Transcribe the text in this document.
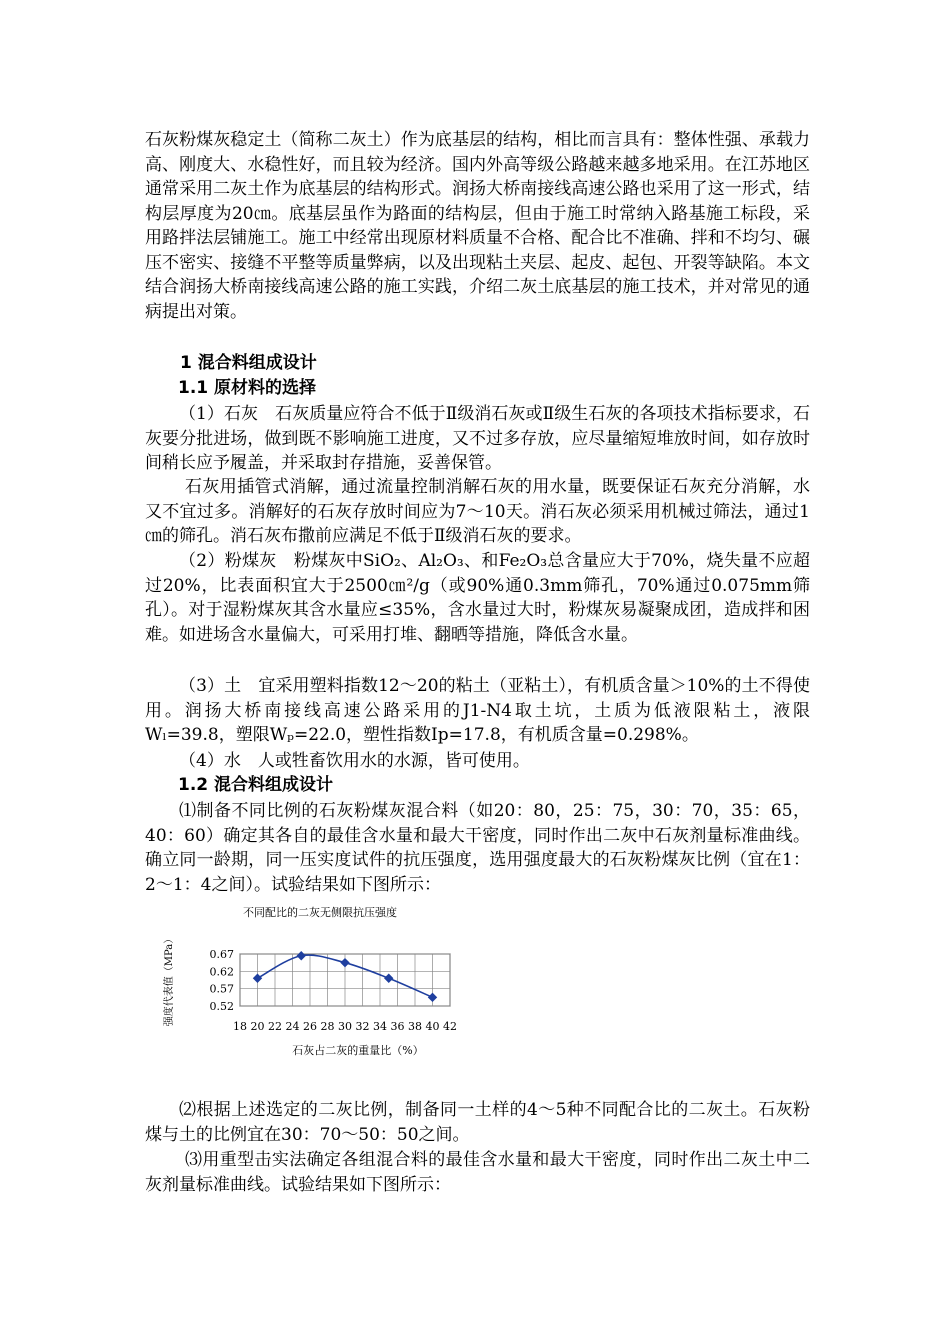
石灰粉煤灰稳定土（简称二灰土）作为底基层的结构，相比而言具有：整体性强、承载力高、刚度大、水稳性好，而且较为经济。国内外高等级公路越来越多地采用。在江苏地区通常采用二灰土作为底基层的结构形式。润扬大桥南接线高速公路也采用了这一形式，结构层厚度为20㎝。底基层虽作为路面的结构层，但由于施工时常纳入路基施工标段，采用路拌法层铺施工。施工中经常出现原材料质量不合格、配合比不准确、拌和不均匀、碾压不密实、接缝不平整等质量弊病，以及出现粘土夹层、起皮、起包、开裂等缺陷。本文结合润扬大桥南接线高速公路的施工实践，介绍二灰土底基层的施工技术，并对常见的通病提出对策。

1 混合料组成设计

1.1 原材料的选择

（1）石灰　石灰质量应符合不低于Ⅱ级消石灰或Ⅱ级生石灰的各项技术指标要求，石灰要分批进场，做到既不影响施工进度，又不过多存放，应尽量缩短堆放时间，如存放时间稍长应予履盖，并采取封存措施，妥善保管。

石灰用插管式消解，通过流量控制消解石灰的用水量，既要保证石灰充分消解，水又不宜过多。消解好的石灰存放时间应为7～10天。消石灰必须采用机械过筛法，通过1㎝的筛孔。消石灰布撒前应满足不低于Ⅱ级消石灰的要求。

（2）粉煤灰　粉煤灰中SiO₂、Al₂O₃、和Fe₂O₃总含量应大于70%，烧失量不应超过20%，比表面积宜大于2500㎝²/g（或90%通0.3mm筛孔，70%通过0.075mm筛孔）。对于湿粉煤灰其含水量应≤35%，含水量过大时，粉煤灰易凝聚成团，造成拌和困难。如进场含水量偏大，可采用打堆、翻晒等措施，降低含水量。

（3）土　宜采用塑料指数12～20的粘土（亚粘土），有机质含量＞10%的土不得使用。润扬大桥南接线高速公路采用的J1-N4取土坑，土质为低液限粘土，液限Wₗ=39.8，塑限Wₚ=22.0，塑性指数Ip=17.8，有机质含量=0.298%。

（4）水　人或牲畜饮用水的水源，皆可使用。

1.2 混合料组成设计

⑴制备不同比例的石灰粉煤灰混合料（如20：80，25：75，30：70，35：65，40：60）确定其各自的最佳含水量和最大干密度，同时作出二灰中石灰剂量标准曲线。确立同一龄期，同一压实度试件的抗压强度，选用强度最大的石灰粉煤灰比例（宜在1：2～1：4之间）。试验结果如下图所示：

不同配比的二灰无侧限抗压强度
0.52
0.57
0.62
0.67
18 20 22 24 26 28 30 32 34 36 38 40 42
石灰占二灰的重量比（%）
强度代表值（MPa）

⑵根据上述选定的二灰比例，制备同一土样的4～5种不同配合比的二灰土。石灰粉煤与土的比例宜在30：70～50：50之间。

⑶用重型击实法确定各组混合料的最佳含水量和最大干密度，同时作出二灰土中二灰剂量标准曲线。试验结果如下图所示：
